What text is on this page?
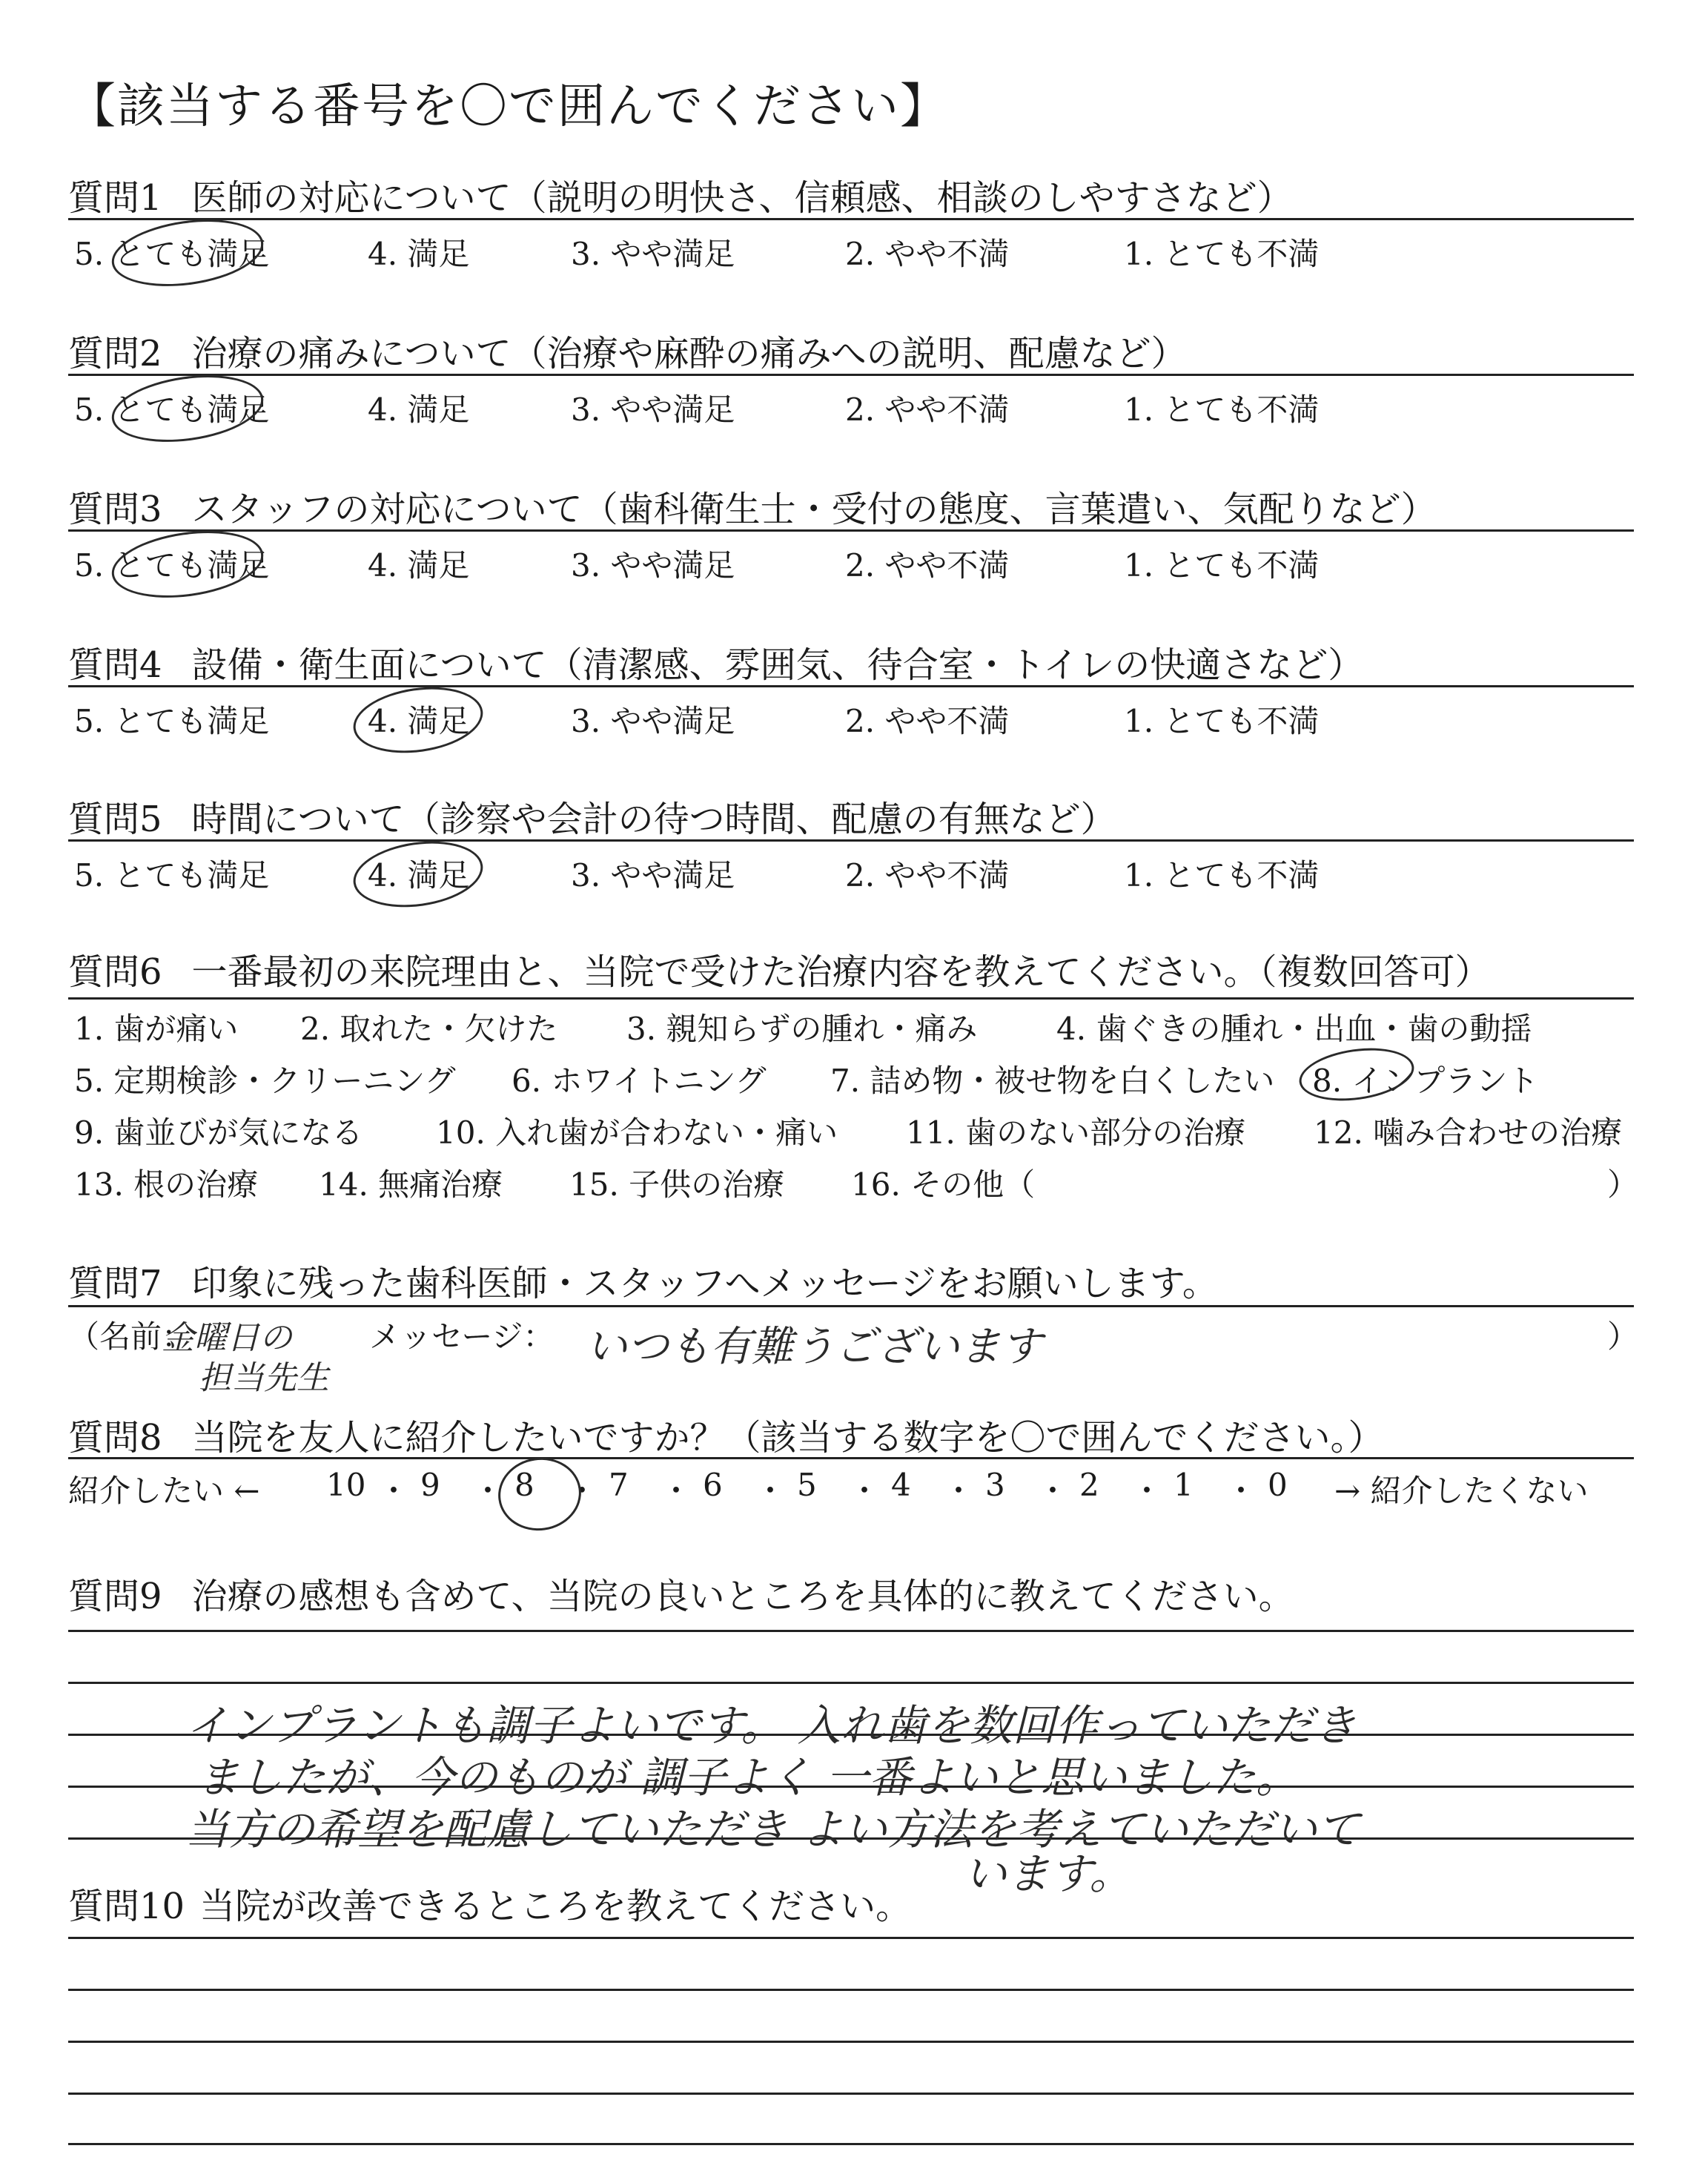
【該当する番号を〇で囲んでください】
質問1 医師の対応について（説明の明快さ、信頼感、相談のしやすさなど）
5. とても満足	4. 満足	3. やや満足	2. やや不満	1. とても不満
質問2 治療の痛みについて（治療や麻酔の痛みへの説明、配慮など）
5. とても満足	4. 満足	3. やや満足	2. やや不満	1. とても不満
質問3 スタッフの対応について（歯科衛生士・受付の態度、言葉遣い、気配りなど）
5. とても満足	4. 満足	3. やや満足	2. やや不満	1. とても不満
質問4 設備・衛生面について（清潔感、雰囲気、待合室・トイレの快適さなど）
5. とても満足	4. 満足	3. やや満足	2. やや不満	1. とても不満
質問5 時間について（診察や会計の待つ時間、配慮の有無など）
5. とても満足	4. 満足	3. やや満足	2. やや不満	1. とても不満
質問6 一番最初の来院理由と、当院で受けた治療内容を教えてください。（複数回答可）
1. 歯が痛い 2. 取れた・欠けた 3. 親知らずの腫れ・痛み	4. 歯ぐきの腫れ・出血・歯の動揺
5. 定期検診・クリーニング 6. ホワイトニング 7. 詰め物・被せ物を白くしたい 8. インプラント
9. 歯並びが気になる 10. 入れ歯が合わない・痛い 11. 歯のない部分の治療 12. 噛み合わせの治療
13. 根の治療 14. 無痛治療 15. 子供の治療 16. その他（	）
質問7 印象に残った歯科医師・スタッフへメッセージをお願いします。
（名前：
金曜日の
担当先生
メッセージ： いつも有難うございます	）
質問8 当院を友人に紹介したいですか？（該当する数字を〇で囲んでください。）
紹介したい ← 10 ・ 9 ・ 8 ・ 7 ・ 6 ・ 5 ・ 4 ・ 3 ・ 2 ・ 1 ・ 0 → 紹介したくない
質問9 治療の感想も含めて、当院の良いところを具体的に教えてください。
インプラントも調子よいです。 入れ歯を数回作っていただき
ましたが、今のものが 調子よく 一番よいと思いました。
当方の希望を配慮していただき よい方法を考えていただいて
います。
質問10 当院が改善できるところを教えてください。
